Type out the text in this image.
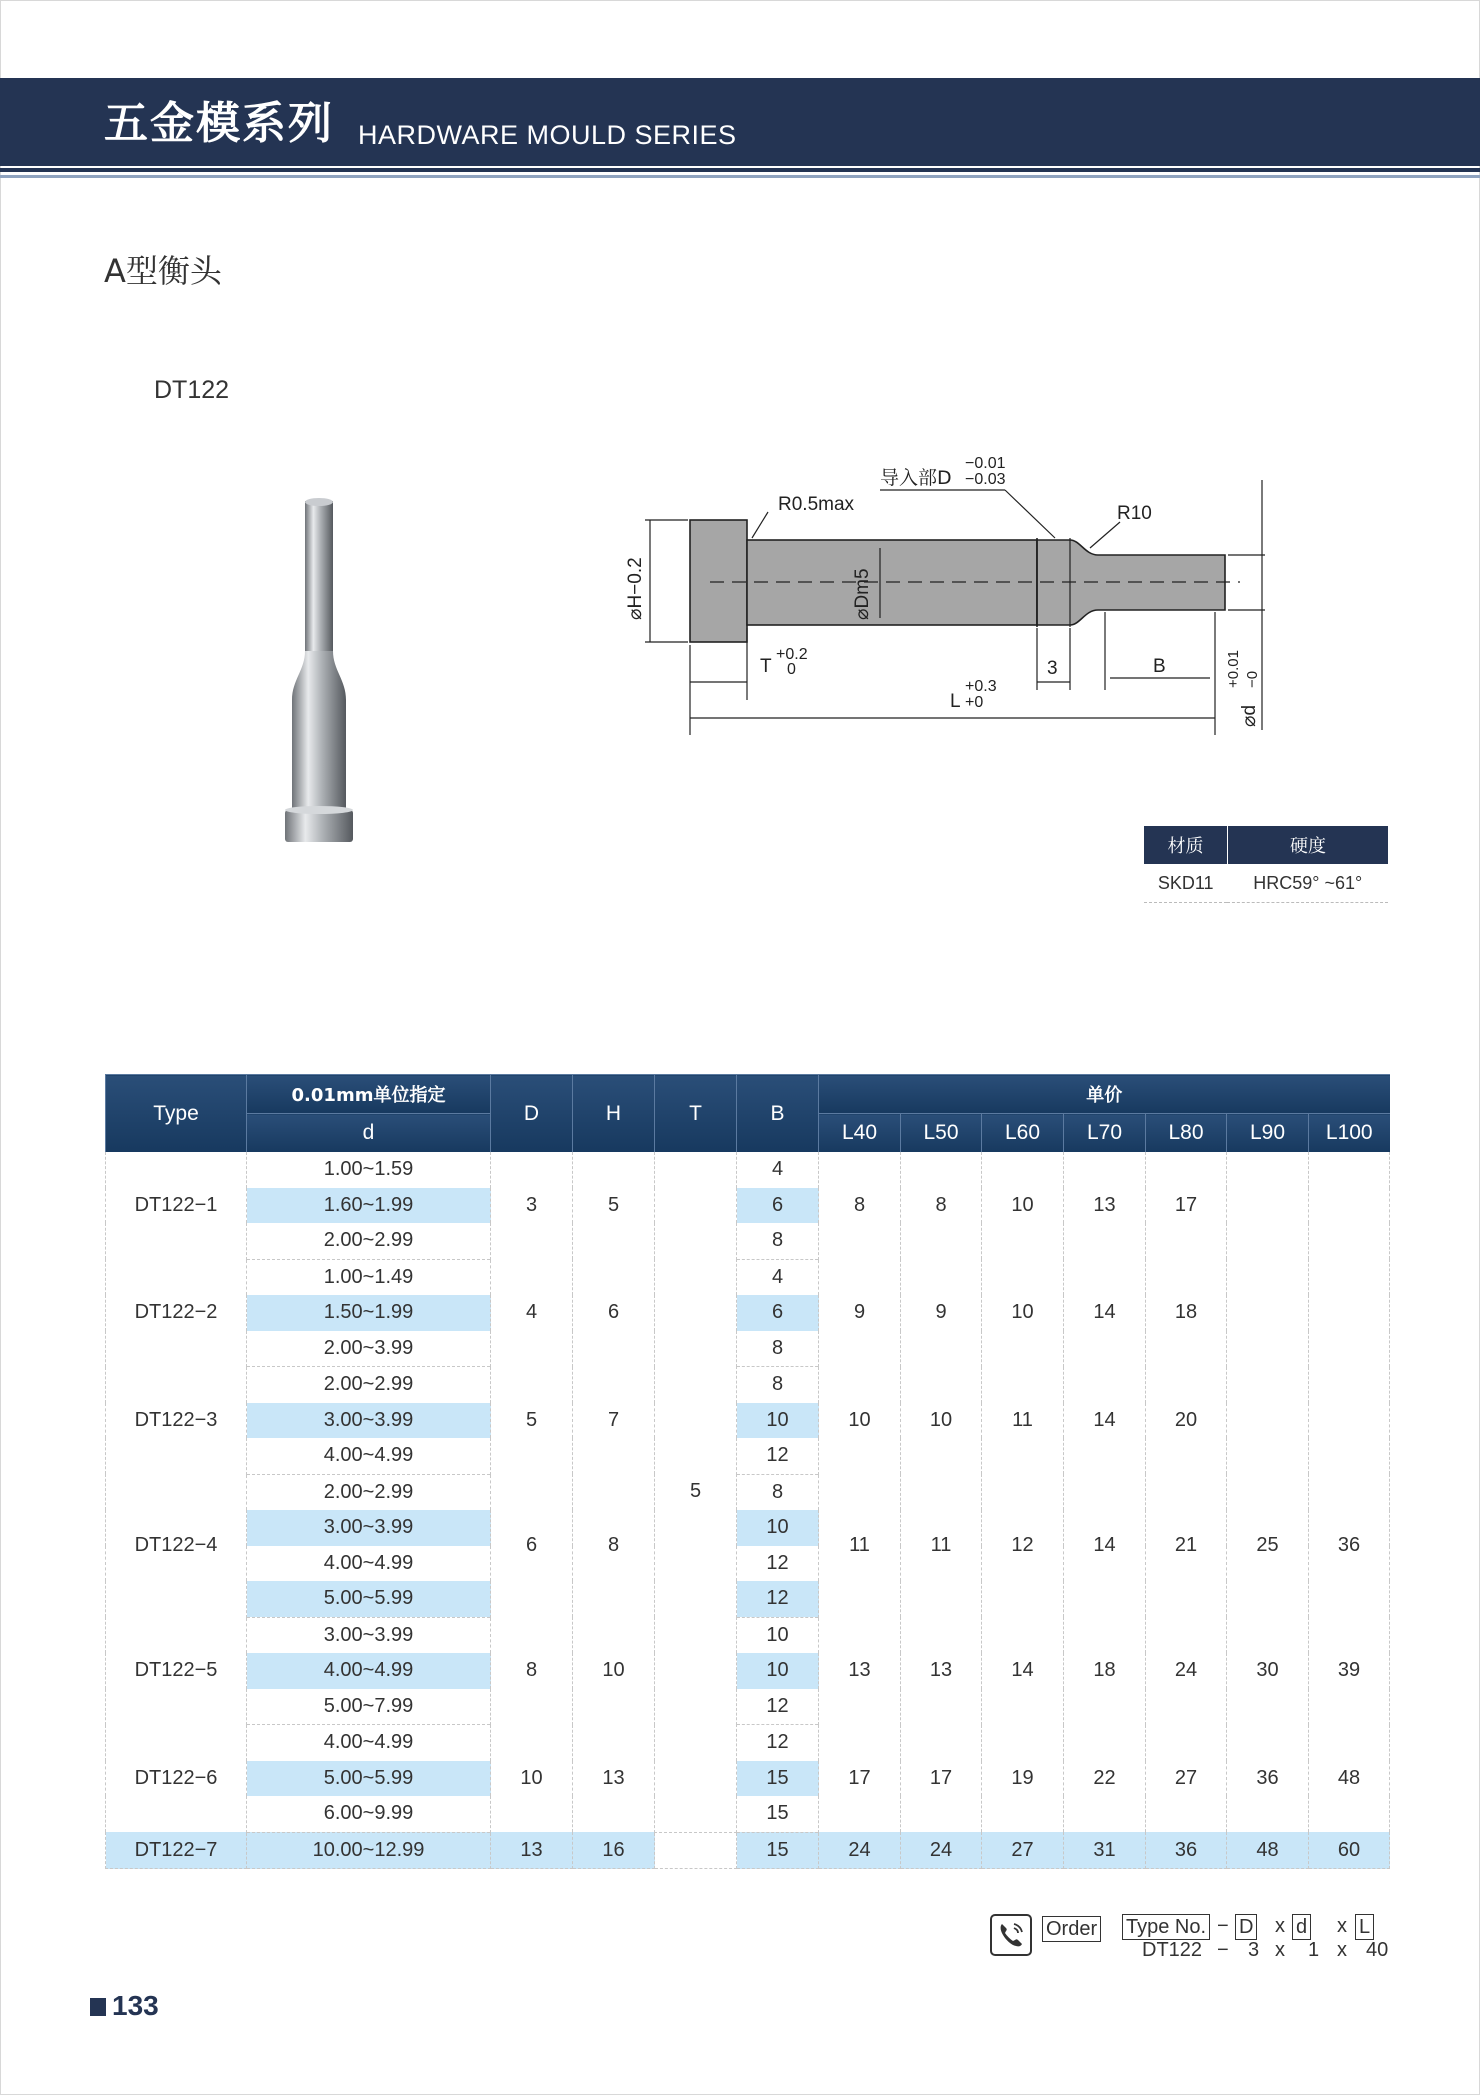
五金模系列 HARDWARE MOULD SERIES
A型衡头
DT122
R0.5max	R10
导入部D
−0.01
−0.03
⌀H−0.2	⌀Dm5
T
+0.2
0	3	B
L
+0.3
+0
⌀d
+0.01 −0
材质	硬度
SKD11	HRC59° ~61°
Type	0.01mm单位指定	D	H	T	B	单价						
	d					L40	L50	L60	L70	L80	L90	L100
DT122−1	1.00~1.59	3	5	5	4	8	8	10	13	17		
	1.60~1.99				6							
	2.00~2.99				8							
DT122−2	1.00~1.49	4	6		4	9	9	10	14	18		
	1.50~1.99				6							
	2.00~3.99				8							
DT122−3	2.00~2.99	5	7		8	10	10	11	14	20		
	3.00~3.99				10							
	4.00~4.99				12							
DT122−4	2.00~2.99	6	8		8	11	11	12	14	21	25	36
	3.00~3.99				10							
	4.00~4.99				12							
	5.00~5.99				12							
DT122−5	3.00~3.99	8	10		10	13	13	14	18	24	30	39
	4.00~4.99				10							
	5.00~7.99				12							
DT122−6	4.00~4.99	10	13		12	17	17	19	22	27	36	48
	5.00~5.99				15							
	6.00~9.99				15							
DT122−7	10.00~12.99	13	16		15	24	24	27	31	36	48	60
Order Type No. − D x d x L
DT122 − 3 x 1 x 40
133
